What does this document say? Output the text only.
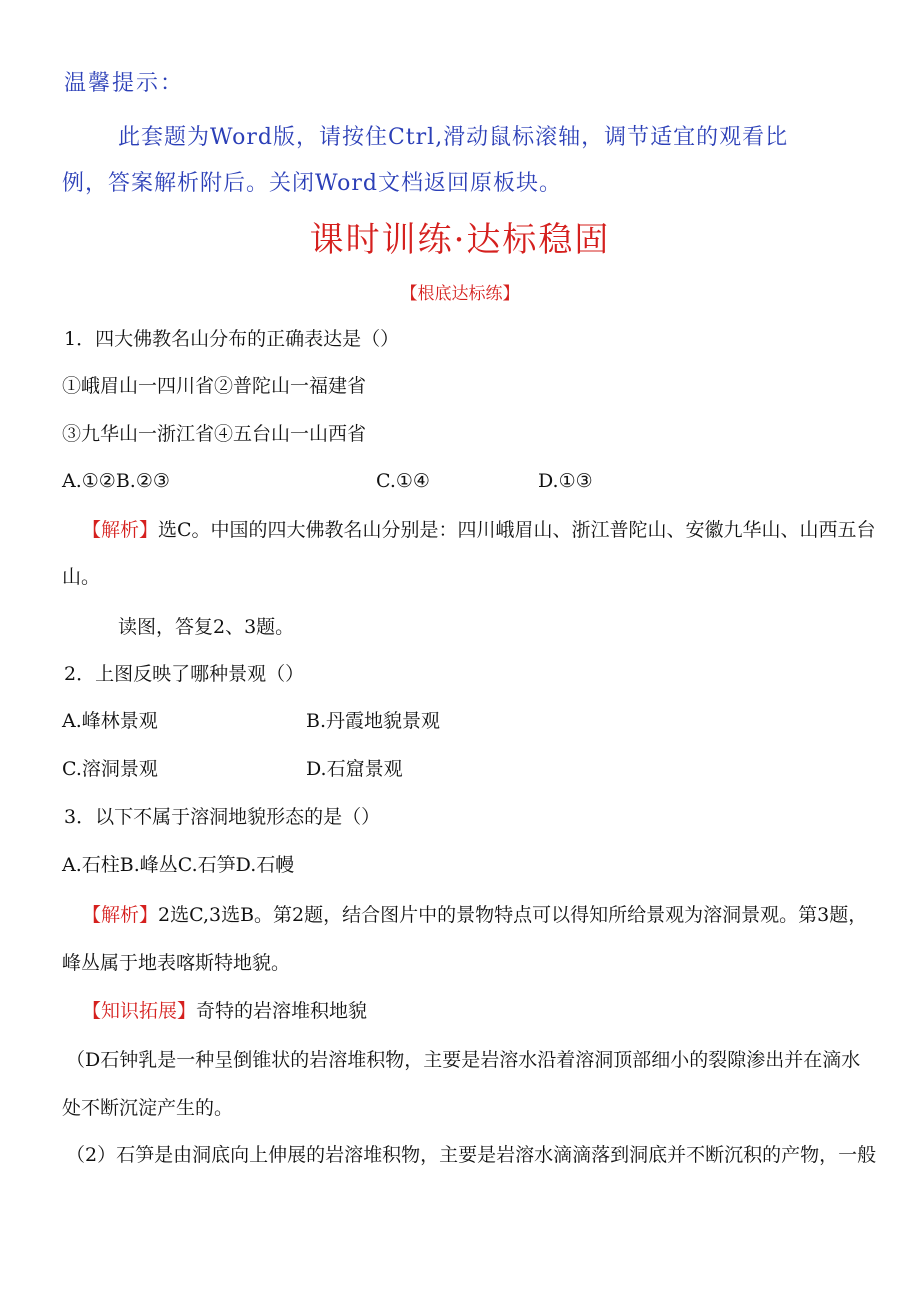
温馨提示：
此套题为Word版，请按住Ctrl,滑动鼠标滚轴，调节适宜的观看比
例，答案解析附后。关闭Word文档返回原板块。
课时训练·达标稳固
【根底达标练】
1．四大佛教名山分布的正确表达是（）
①峨眉山一四川省②普陀山一福建省
③九华山一浙江省④五台山一山西省
A.①②B.②③	C.①④	D.①③
【解析】选C。中国的四大佛教名山分别是：四川峨眉山、浙江普陀山、安徽九华山、山西五台
山。
读图，答复2、3题。
2．上图反映了哪种景观（）
A.峰林景观	B.丹霞地貌景观
C.溶洞景观	D.石窟景观
3．以下不属于溶洞地貌形态的是（）
A.石柱B.峰丛C.石笋D.石幔
【解析】2选C,3选B。第2题，结合图片中的景物特点可以得知所给景观为溶洞景观。第3题，
峰丛属于地表喀斯特地貌。
【知识拓展】奇特的岩溶堆积地貌
（D石钟乳是一种呈倒锥状的岩溶堆积物，主要是岩溶水沿着溶洞顶部细小的裂隙渗出并在滴水
处不断沉淀产生的。
（2）石笋是由洞底向上伸展的岩溶堆积物，主要是岩溶水滴滴落到洞底并不断沉积的产物，一般
